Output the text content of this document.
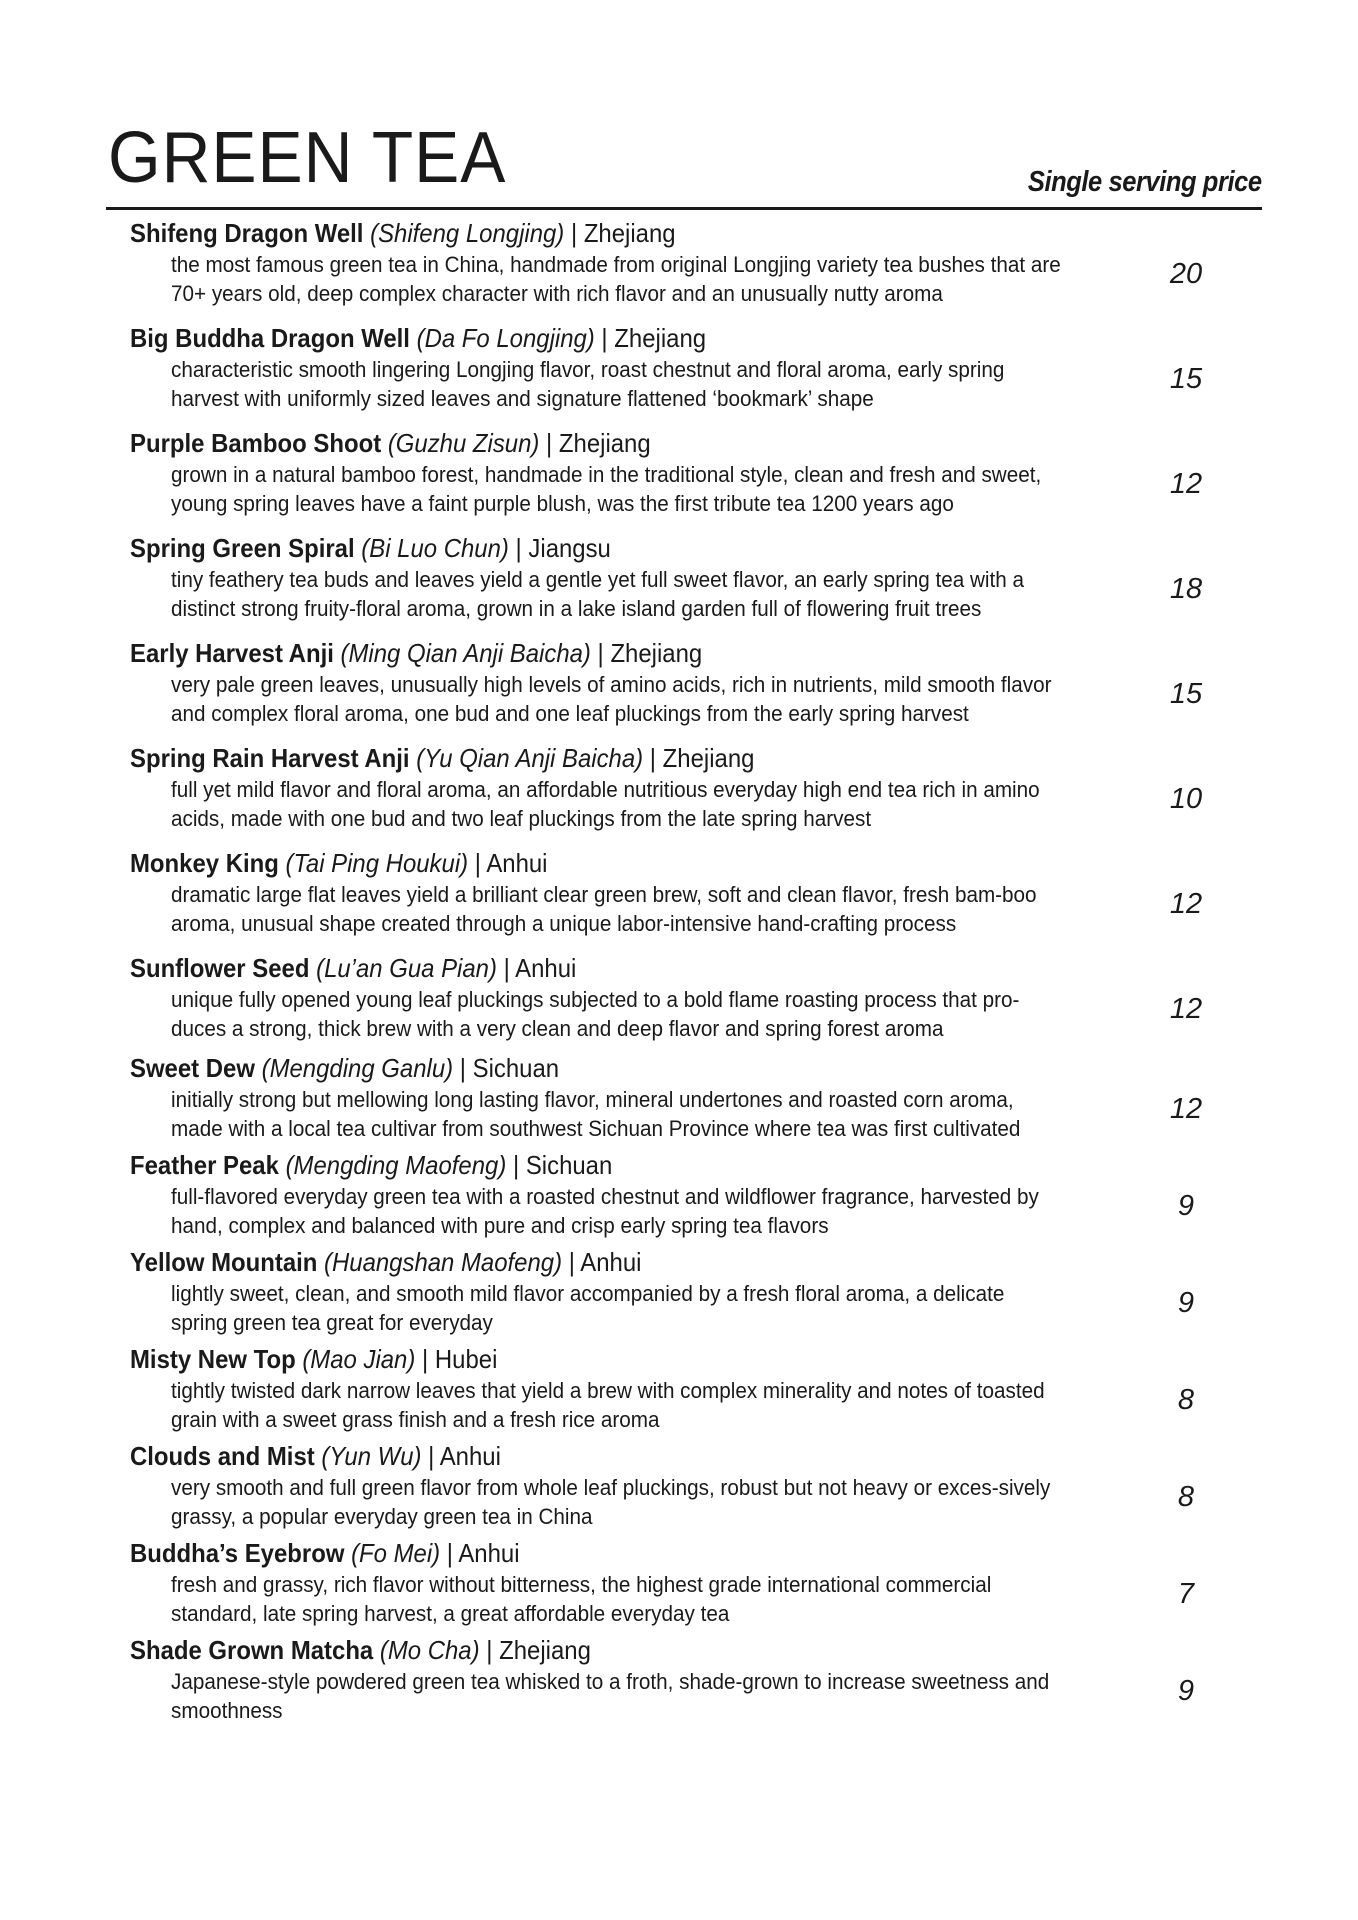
GREEN TEA	Single serving price
Shifeng Dragon Well (Shifeng Longjing) | Zhejiang
the most famous green tea in China, handmade from original Longjing variety tea bushes that are 70+ years old, deep complex character with rich flavor and an unusually nutty aroma
20
Big Buddha Dragon Well (Da Fo Longjing) | Zhejiang
characteristic smooth lingering Longjing flavor, roast chestnut and floral aroma, early spring harvest with uniformly sized leaves and signature flattened ‘bookmark’ shape
15
Purple Bamboo Shoot (Guzhu Zisun) | Zhejiang
grown in a natural bamboo forest, handmade in the traditional style, clean and fresh and sweet, young spring leaves have a faint purple blush, was the first tribute tea 1200 years ago
12
Spring Green Spiral (Bi Luo Chun) | Jiangsu
tiny feathery tea buds and leaves yield a gentle yet full sweet flavor, an early spring tea with a distinct strong fruity-floral aroma, grown in a lake island garden full of flowering fruit trees
18
Early Harvest Anji (Ming Qian Anji Baicha) | Zhejiang
very pale green leaves, unusually high levels of amino acids, rich in nutrients, mild smooth flavor and complex floral aroma, one bud and one leaf pluckings from the early spring harvest
15
Spring Rain Harvest Anji (Yu Qian Anji Baicha) | Zhejiang
full yet mild flavor and floral aroma, an affordable nutritious everyday high end tea rich in amino acids, made with one bud and two leaf pluckings from the late spring harvest
10
Monkey King (Tai Ping Houkui) | Anhui
dramatic large flat leaves yield a brilliant clear green brew, soft and clean flavor, fresh bam-boo aroma, unusual shape created through a unique labor-intensive hand-crafting process
12
Sunflower Seed (Lu’an Gua Pian) | Anhui
unique fully opened young leaf pluckings subjected to a bold flame roasting process that pro-duces a strong, thick brew with a very clean and deep flavor and spring forest aroma
12
Sweet Dew (Mengding Ganlu) | Sichuan
initially strong but mellowing long lasting flavor, mineral undertones and roasted corn aroma, made with a local tea cultivar from southwest Sichuan Province where tea was first cultivated
12
Feather Peak (Mengding Maofeng) | Sichuan
full-flavored everyday green tea with a roasted chestnut and wildflower fragrance, harvested by hand, complex and balanced with pure and crisp early spring tea flavors
9
Yellow Mountain (Huangshan Maofeng) | Anhui
lightly sweet, clean, and smooth mild flavor accompanied by a fresh floral aroma, a delicate spring green tea great for everyday
9
Misty New Top (Mao Jian) | Hubei
tightly twisted dark narrow leaves that yield a brew with complex minerality and notes of toasted grain with a sweet grass finish and a fresh rice aroma
8
Clouds and Mist (Yun Wu) | Anhui
very smooth and full green flavor from whole leaf pluckings, robust but not heavy or exces-sively grassy, a popular everyday green tea in China
8
Buddha’s Eyebrow (Fo Mei) | Anhui
fresh and grassy, rich flavor without bitterness, the highest grade international commercial standard, late spring harvest, a great affordable everyday tea
7
Shade Grown Matcha (Mo Cha) | Zhejiang
Japanese-style powdered green tea whisked to a froth, shade-grown to increase sweetness and smoothness
9
